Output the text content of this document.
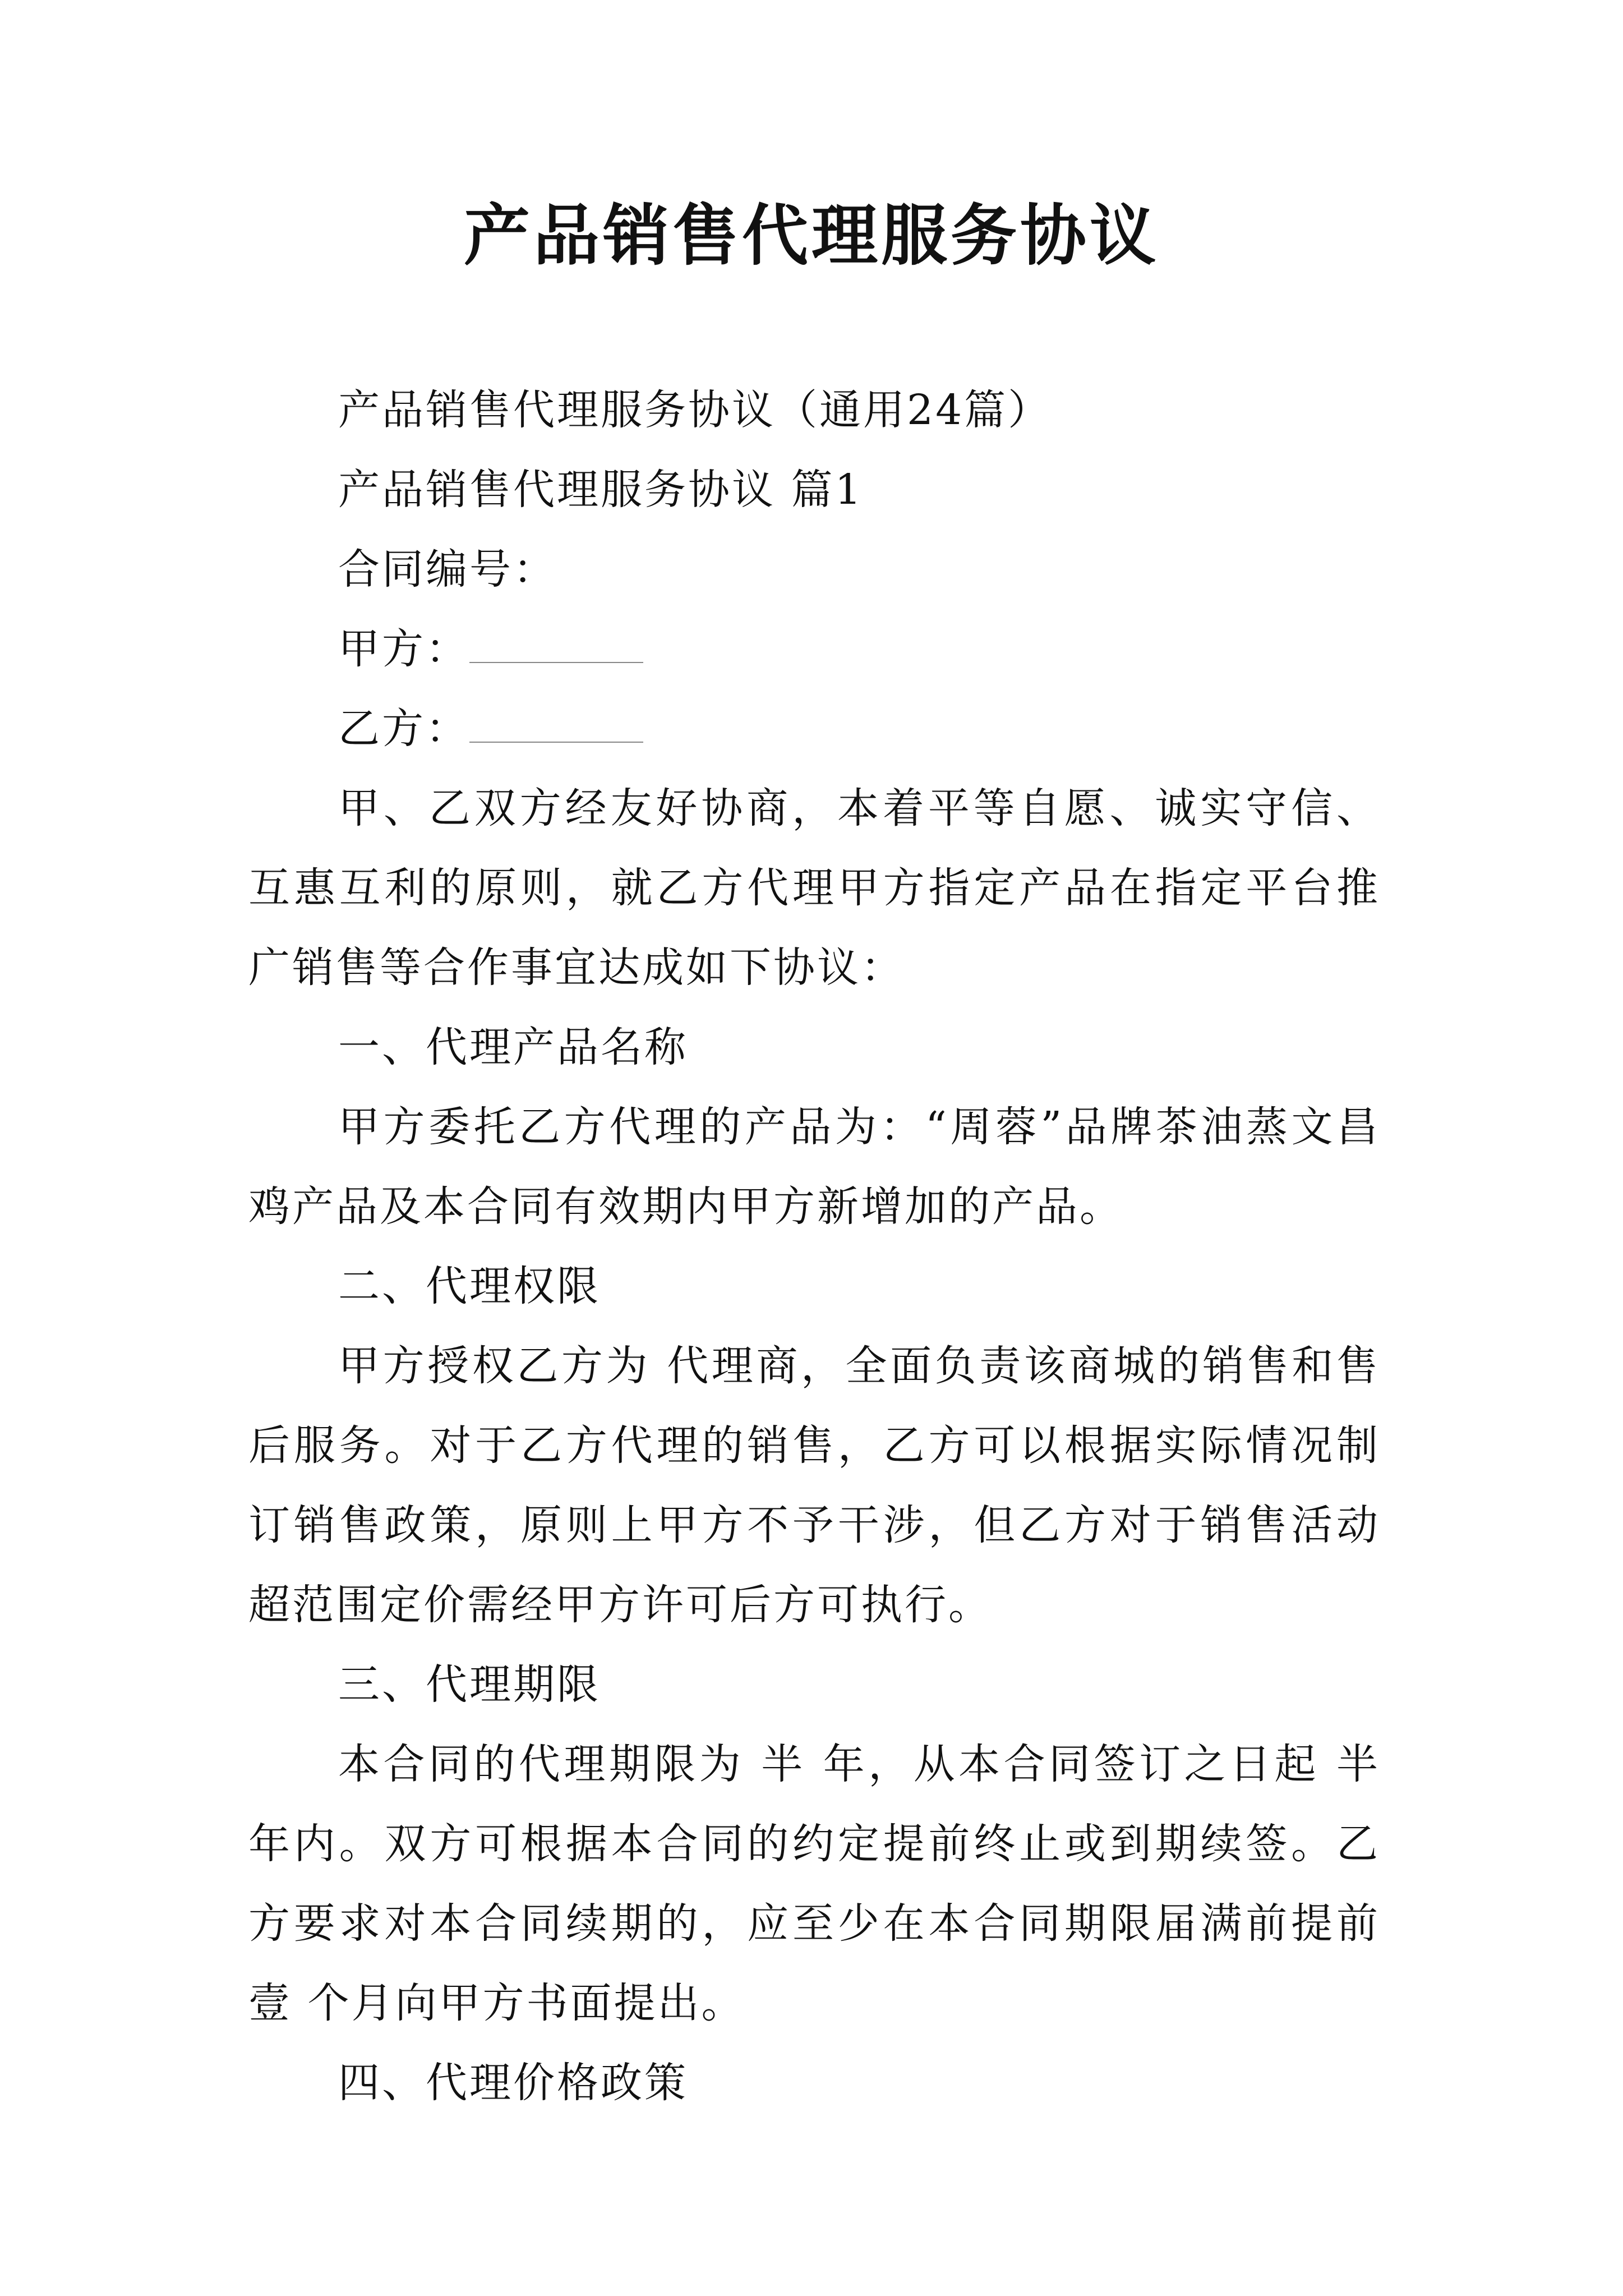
产品销售代理服务协议

产品销售代理服务协议（通用24篇）

产品销售代理服务协议 篇1

合同编号：

甲方：

乙方：

甲、乙双方经友好协商，本着平等自愿、诚实守信、互惠互利的原则，就乙方代理甲方指定产品在指定平台推广销售等合作事宜达成如下协议：

一、代理产品名称

甲方委托乙方代理的产品为：“周蓉”品牌茶油蒸文昌鸡产品及本合同有效期内甲方新增加的产品。

二、代理权限

甲方授权乙方为 代理商，全面负责该商城的销售和售后服务。对于乙方代理的销售，乙方可以根据实际情况制订销售政策，原则上甲方不予干涉，但乙方对于销售活动超范围定价需经甲方许可后方可执行。

三、代理期限

本合同的代理期限为 半 年，从本合同签订之日起 半年内。双方可根据本合同的约定提前终止或到期续签。乙方要求对本合同续期的，应至少在本合同期限届满前提前 壹 个月向甲方书面提出。

四、代理价格政策
